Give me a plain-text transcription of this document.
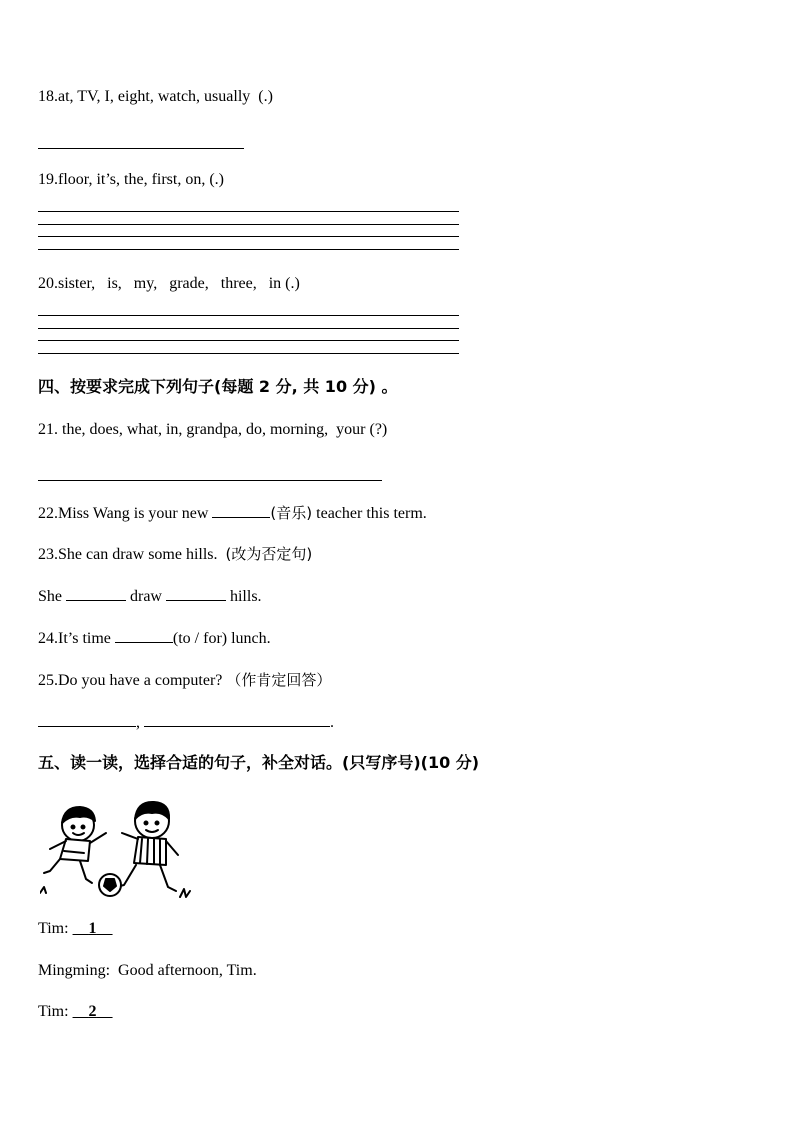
18.at, TV, I, eight, watch, usually  (.)
19.floor, it’s, the, first, on, (.)
20.sister,   is,   my,   grade,   three,   in (.)
四、按要求完成下列句子(每题 2 分, 共 10 分) 。
21. the, does, what, in, grandpa, do, morning,  your (?)
22.Miss Wang is your new	(音乐) teacher this term.
23.She can draw some hills.  (改为否定句)
She	draw	hills.
24.It’s time	(to / for) lunch.
25.Do you have a computer? （作肯定回答）
,	.
五、读一读，选择合适的句子，补全对话。(只写序号)(10 分)
Tim:     1
Mingming:  Good afternoon, Tim.
Tim:     2
